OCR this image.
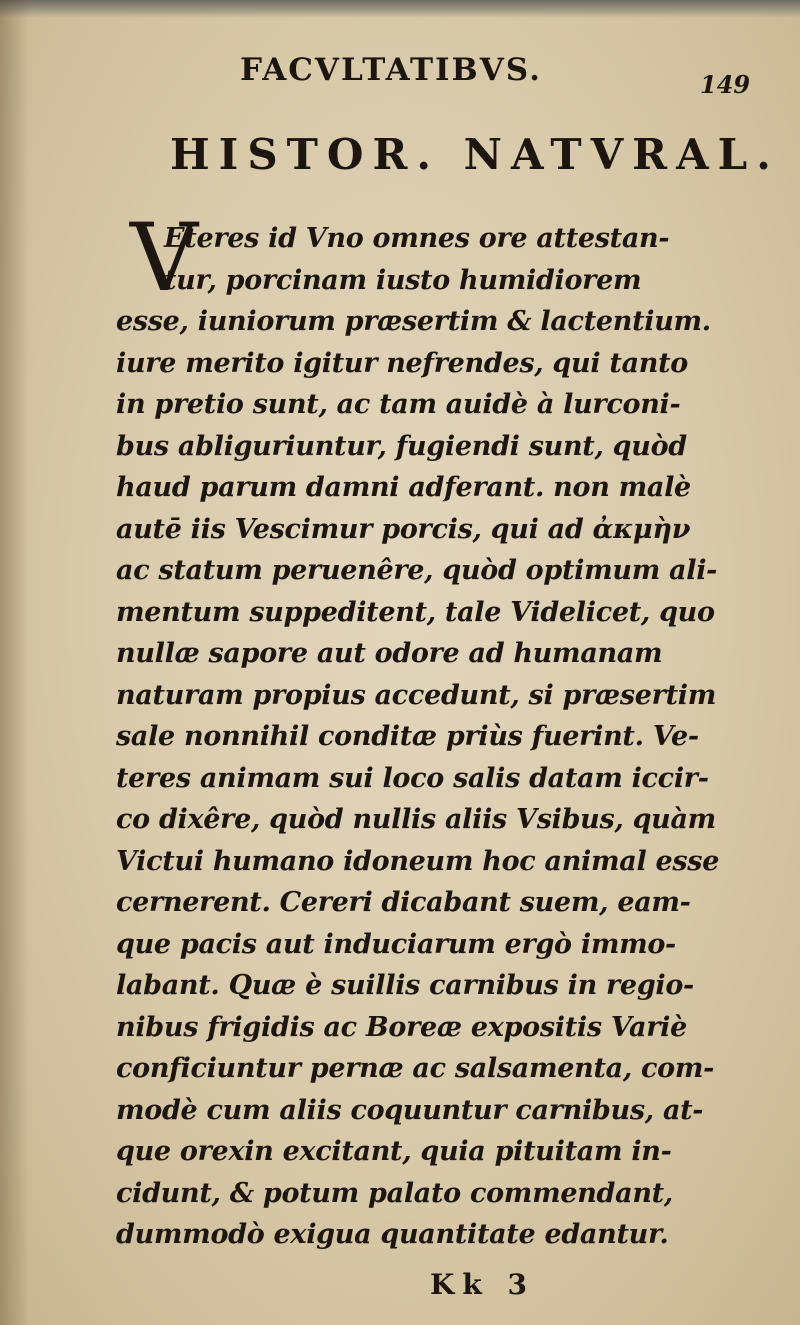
FACVLTATIBVS.	149
HISTOR. NATVRAL.
V
Eteres id Vno omnes ore attestan-
tur, porcinam iusto humidiorem
esse, iuniorum præsertim & lactentium.
iure merito igitur nefrendes, qui tanto
in pretio sunt, ac tam auidè à lurconi-
bus abliguriuntur, fugiendi sunt, quòd
haud parum damni adferant. non malè
autē iis Vescimur porcis, qui ad ἀκμὴν
ac statum peruenêre, quòd optimum ali-
mentum suppeditent, tale Videlicet, quo
nullæ sapore aut odore ad humanam
naturam propius accedunt, si præsertim
sale nonnihil conditæ priùs fuerint. Ve-
teres animam sui loco salis datam iccir-
co dixêre, quòd nullis aliis Vsibus, quàm
Victui humano idoneum hoc animal esse
cernerent. Cereri dicabant suem, eam-
que pacis aut induciarum ergò immo-
labant. Quæ è suillis carnibus in regio-
nibus frigidis ac Boreæ expositis Variè
conficiuntur pernæ ac salsamenta, com-
modè cum aliis coquuntur carnibus, at-
que orexin excitant, quia pituitam in-
cidunt, & potum palato commendant,
dummodò exigua quantitate edantur.
Kk 3
